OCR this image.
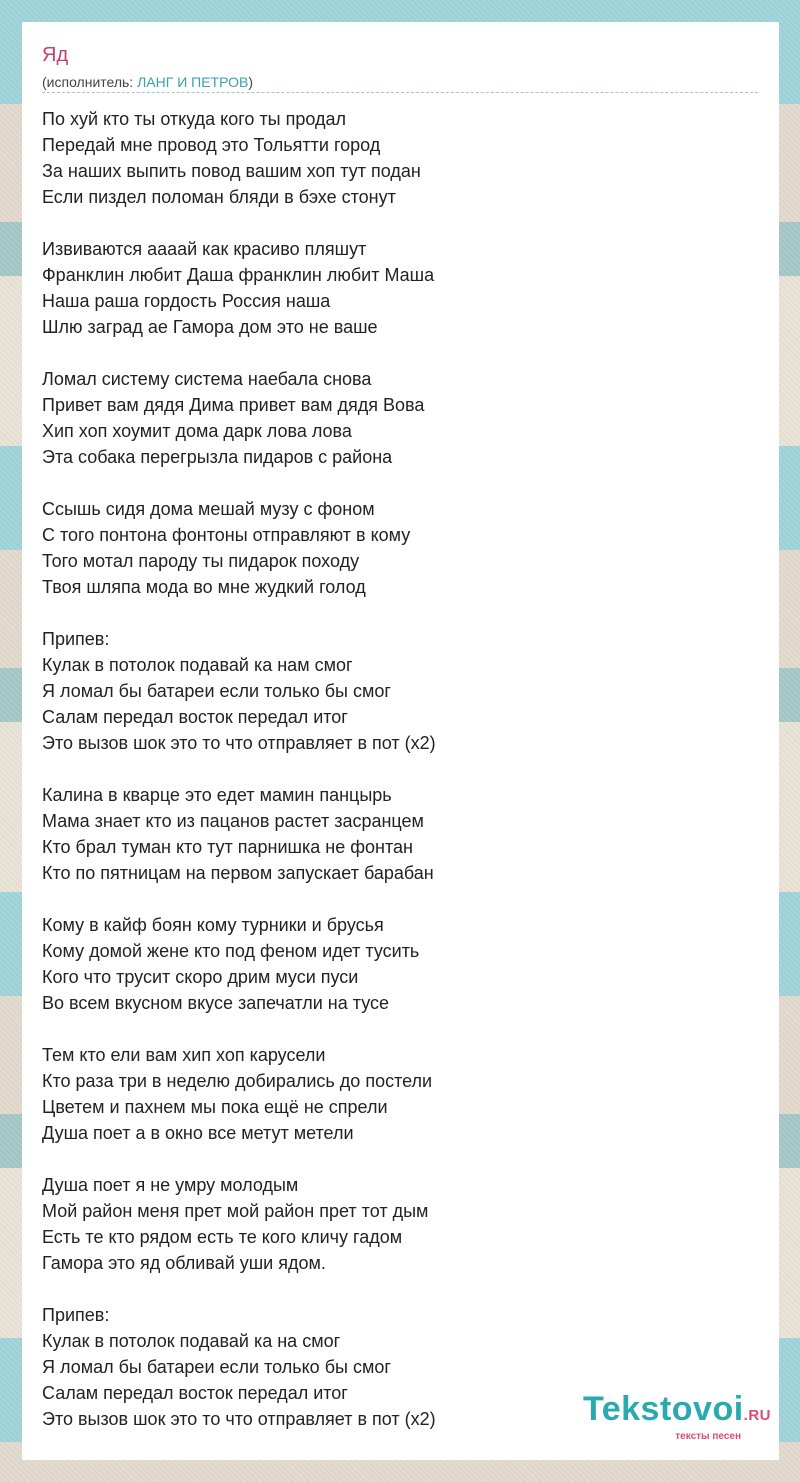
Яд
(исполнитель: ЛАНГ И ПЕТРОВ)
По хуй кто ты откуда кого ты продал
Передай мне провод это Тольятти город
За наших выпить повод вашим хоп тут подан
Если пиздел поломан бляди в бэхе стонут
Извиваются аааай как красиво пляшут
Франклин любит Даша франклин любит Маша
Наша раша гордость Россия наша
Шлю заград ае Гамора дом это не ваше
Ломал систему система наебала снова
Привет вам дядя Дима привет вам дядя Вова
Хип хоп хоумит дома дарк лова лова
Эта собака перегрызла пидаров с района
Ссышь сидя дома мешай музу с фоном
С того понтона фонтоны отправляют в кому
Того мотал пароду ты пидарок походу
Твоя шляпа мода во мне жудкий голод
Припев:
Кулак в потолок подавай ка нам смог
Я ломал бы батареи если только бы смог
Салам передал восток передал итог
Это вызов шок это то что отправляет в пот (x2)
Калина в кварце это едет мамин панцырь
Мама знает кто из пацанов растет засранцем
Кто брал туман кто тут парнишка не фонтан
Кто по пятницам на первом запускает барабан
Кому в кайф боян кому турники и брусья
Кому домой жене кто под феном идет тусить
Кого что трусит скоро дрим муси пуси
Во всем вкусном вкусе запечатли на тусе
Тем кто ели вам хип хоп карусели
Кто раза три в неделю добирались до постели
Цветем и пахнем мы пока ещё не спрели
Душа поет а в окно все метут метели
Душа поет я не умру молодым
Мой район меня прет мой район прет тот дым
Есть те кто рядом есть те кого кличу гадом
Гамора это яд обливай уши ядом.
Припев:
Кулак в потолок подавай ка на смог
Я ломал бы батареи если только бы смог
Салам передал восток передал итог
Это вызов шок это то что отправляет в пот (x2)	Tekstovoi.RU
тексты песен
